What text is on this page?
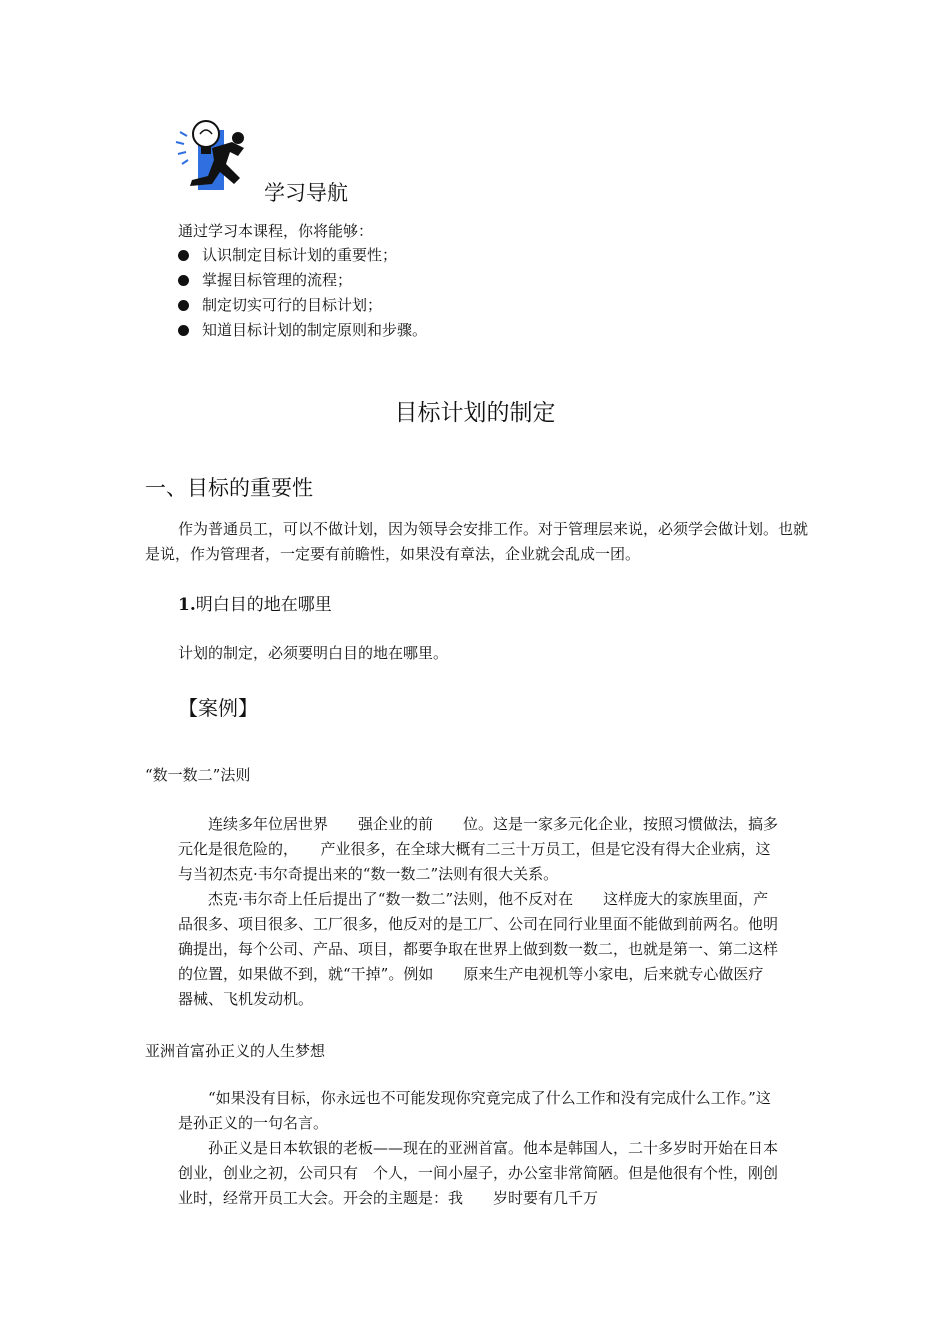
学习导航
通过学习本课程，你将能够：
认识制定目标计划的重要性；
掌握目标管理的流程；
制定切实可行的目标计划；
知道目标计划的制定原则和步骤。
目标计划的制定
一、目标的重要性
作为普通员工，可以不做计划，因为领导会安排工作。对于管理层来说，必须学会做计划。也就是说，作为管理者，一定要有前瞻性，如果没有章法，企业就会乱成一团。
1.明白目的地在哪里
计划的制定，必须要明白目的地在哪里。
【案例】
“数一数二”法则

　　连续多年位居世界　　强企业的前　　位。这是一家多元化企业，按照习惯做法，搞多元化是很危险的，　　产业很多，在全球大概有二三十万员工，但是它没有得大企业病，这与当初杰克·韦尔奇提出来的“数一数二”法则有很大关系。

　　杰克·韦尔奇上任后提出了“数一数二”法则，他不反对在　　这样庞大的家族里面，产品很多、项目很多、工厂很多，他反对的是工厂、公司在同行业里面不能做到前两名。他明确提出，每个公司、产品、项目，都要争取在世界上做到数一数二，也就是第一、第二这样的位置，如果做不到，就“干掉”。例如　　原来生产电视机等小家电，后来就专心做医疗器械、飞机发动机。

亚洲首富孙正义的人生梦想

　　“如果没有目标，你永远也不可能发现你究竟完成了什么工作和没有完成什么工作。”这是孙正义的一句名言。

　　孙正义是日本软银的老板——现在的亚洲首富。他本是韩国人，二十多岁时开始在日本创业，创业之初，公司只有　个人，一间小屋子，办公室非常简陋。但是他很有个性，刚创业时，经常开员工大会。开会的主题是：我　　岁时要有几千万
